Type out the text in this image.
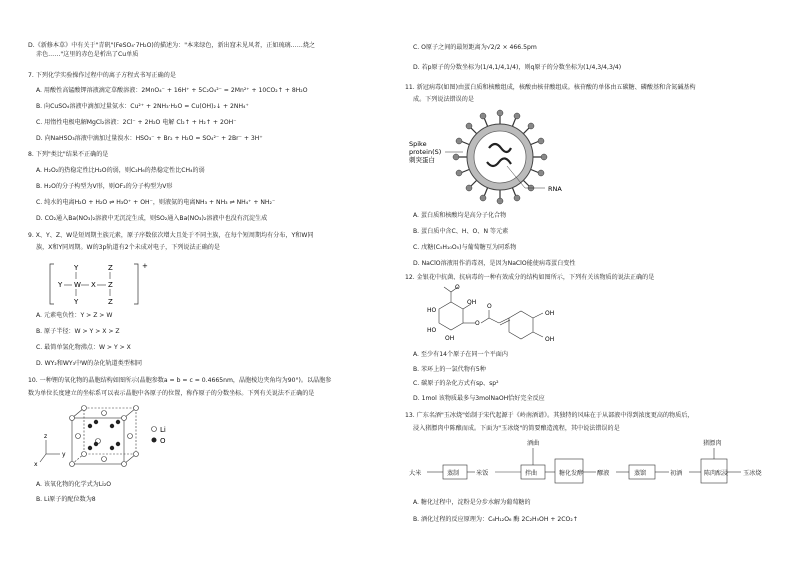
D.《新修本草》中有关于"青矾"(FeSO₄·7H₂O)的描述为："本来绿色，新出窟未见风者，正如琉璃……烧之
赤色……"这里的赤色是析出了Cu单质
7. 下列化学实验操作过程中的离子方程式书写正确的是
A. 用酸性高锰酸钾溶液滴定草酸溶液：2MnO₄⁻ + 16H⁺ + 5C₂O₄²⁻ = 2Mn²⁺ + 10CO₂↑ + 8H₂O
B. 向CuSO₄溶液中滴加过量氨水：Cu²⁺ + 2NH₃·H₂O = Cu(OH)₂↓ + 2NH₄⁺
C. 用惰性电极电解MgCl₂溶液：2Cl⁻ + 2H₂O 电解 Cl₂↑ + H₂↑ + 2OH⁻
D. 向NaHSO₃溶液中滴加过量溴水：HSO₃⁻ + Br₂ + H₂O = SO₄²⁻ + 2Br⁻ + 3H⁺
8. 下列"类比"结果不正确的是
A. H₂O₂的热稳定性比H₂O的弱，则C₂H₆的热稳定性比CH₄的弱
B. H₂O的分子构型为V形，则OF₂的分子构型为V形
C. 纯水的电离H₂O + H₂O ⇌ H₃O⁺ + OH⁻，则液氨的电离NH₃ + NH₃ ⇌ NH₄⁺ + NH₂⁻
D. CO₂通入Ba(NO₃)₂溶液中无沉淀生成，则SO₂通入Ba(NO₃)₂溶液中也没有沉淀生成
9. X、Y、Z、W是短周期主族元素，原子序数依次增大且处于不同主族，在每个短周期均有分布，Y和W同
族，X和Y同周期。W的3p轨道有2个未成对电子，下列说法正确的是
Y	Z
Y W X Z
Y	Z
+
A. 元素电负性：Y > Z > W
B. 原子半径：W > Y > X > Z
C. 最简单氢化物沸点：W > Y > X
D. WY₂和WY₃中W的杂化轨道类型相同
10. 一种锂的氧化物的晶胞结构如图所示(晶胞参数a = b = c = 0.4665nm，晶胞棱边夹角均为90°)。以晶胞参
数为单位长度建立的坐标系可以表示晶胞中各原子的位置，称作原子的分数坐标。下列有关说法不正确的是
z
y
x
Li
O
A. 该氧化物的化学式为Li₂O
B. Li原子的配位数为8
C. O原子之间的最短距离为√2/2 × 466.5pm
D. 若p原子的分数坐标为(1/4,1/4,1/4)，则q原子的分数坐标为(1/4,3/4,3/4)
11. 新冠病毒(如图)由蛋白质和核酸组成，核酸由核苷酸组成。核苷酸的单体由五碳糖、磷酸基和含氮碱基构
成。下列说法错误的是
Spike
protein(S)
刺突蛋白
RNA
A. 蛋白质和核酸均是高分子化合物
B. 蛋白质中含C、H、O、N 等元素
C. 戊糖(C₅H₁₀O₅)与葡萄糖互为同系物
D. NaClO溶液用作消毒剂，是因为NaClO能使病毒蛋白变性
12. 金银花中抗菌、抗病毒的一种有效成分的结构如图所示，下列有关该物质的说法正确的是
O
HO
OH
HO
OH
O
O
OH
OH
A. 至少有14个原子在同一个平面内
B. 苯环上的一氯代物有5种
C. 碳原子的杂化方式有sp、sp²
D. 1mol 该物质最多与3molNaOH恰好完全反应
13. 广东名酒"玉冰烧"始制于宋代起源于《岭南酒谱》。其独特的风味在于从部液中得到浓度更高的物质后，
浸入猪膘肉中陈酿而成。下面为"玉冰烧"的简要酿造流程，其中说法错误的是
大米	米饭	醪液	初酒	玉冰烧
酒曲	猪膘肉
蒸制	拌曲	糖化发酵	蒸馏	陈肉酝浸
A. 糖化过程中，淀粉是分步水解为葡萄糖的
B. 酒化过程的反应原理为：C₆H₁₂O₆ 酶 2C₂H₅OH + 2CO₂↑
